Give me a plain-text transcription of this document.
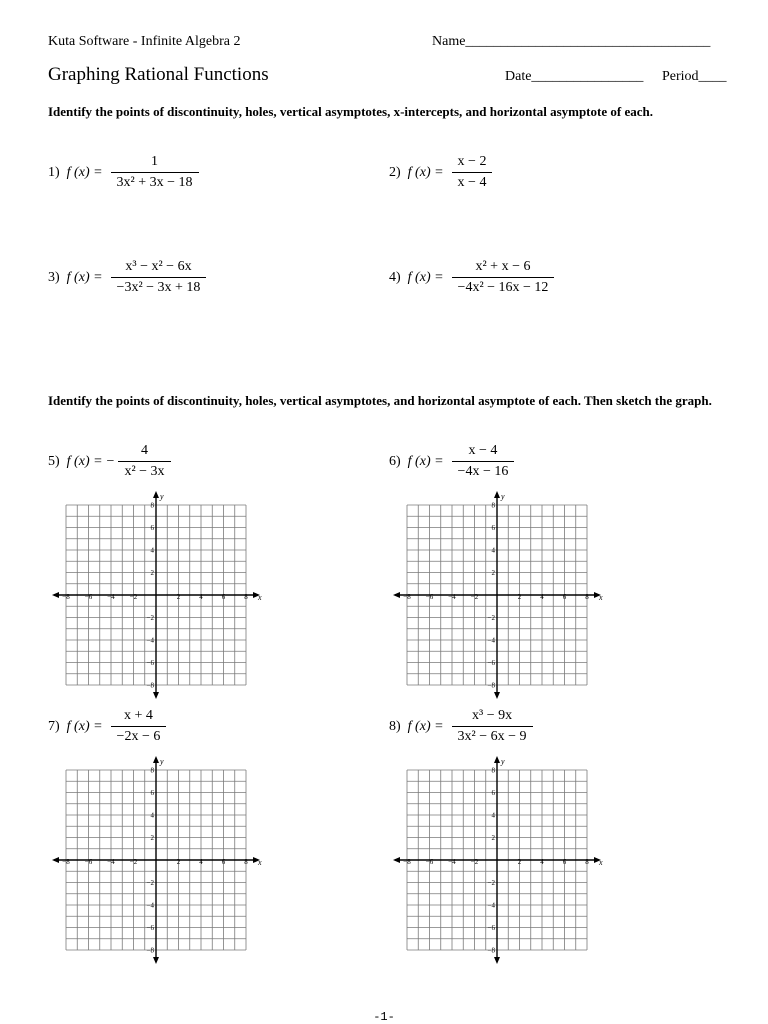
Kuta Software - Infinite Algebra 2	Name___________________________________
Graphing Rational Functions	Date________________ Period____
Identify the points of discontinuity, holes, vertical asymptotes, x-intercepts, and horizontal asymptote of each.
1) f $(x) = \frac{1}{\text{3x² + 3x − 18}}$	2) f $(x) = \frac{x - 2}{x - 4}$
3) f $(x) = \frac{\text{x³ − x² − 6x}}{\text{−3x² − 3x + 18}}$	4) f $(x) = \frac{\text{x² + x − 6}}{\text{−4x² − 16x − 12}}$
Identify the points of discontinuity, holes, vertical asymptotes, and horizontal asymptote of each. Then sketch the graph.
5) f (x) = − $\frac{4}{\text{x² − 3x}}$	6) f $(x) = \frac{x - 4}{-4x - 16}$
7) f $(x) = \frac{x + 4}{-2x - 6}$	8) f $(x) = \frac{\text{x³ − 9x}}{\text{3x² − 6x − 9}}$
−8 −6 −4 −2	2	4	6	8
8
6
4
2
−2
−4
−6
−8
x
y
−8 −6 −4 −2	2	4	6	8
8
6
4
2
−2
−4
−6
−8
x
y
−8 −6 −4 −2	2	4	6	8
8
6
4
2
−2
−4
−6
−8
x
y
−8 −6 −4 −2	2	4	6	8
8
6
4
2
−2
−4
−6
−8
x
y
-1-
